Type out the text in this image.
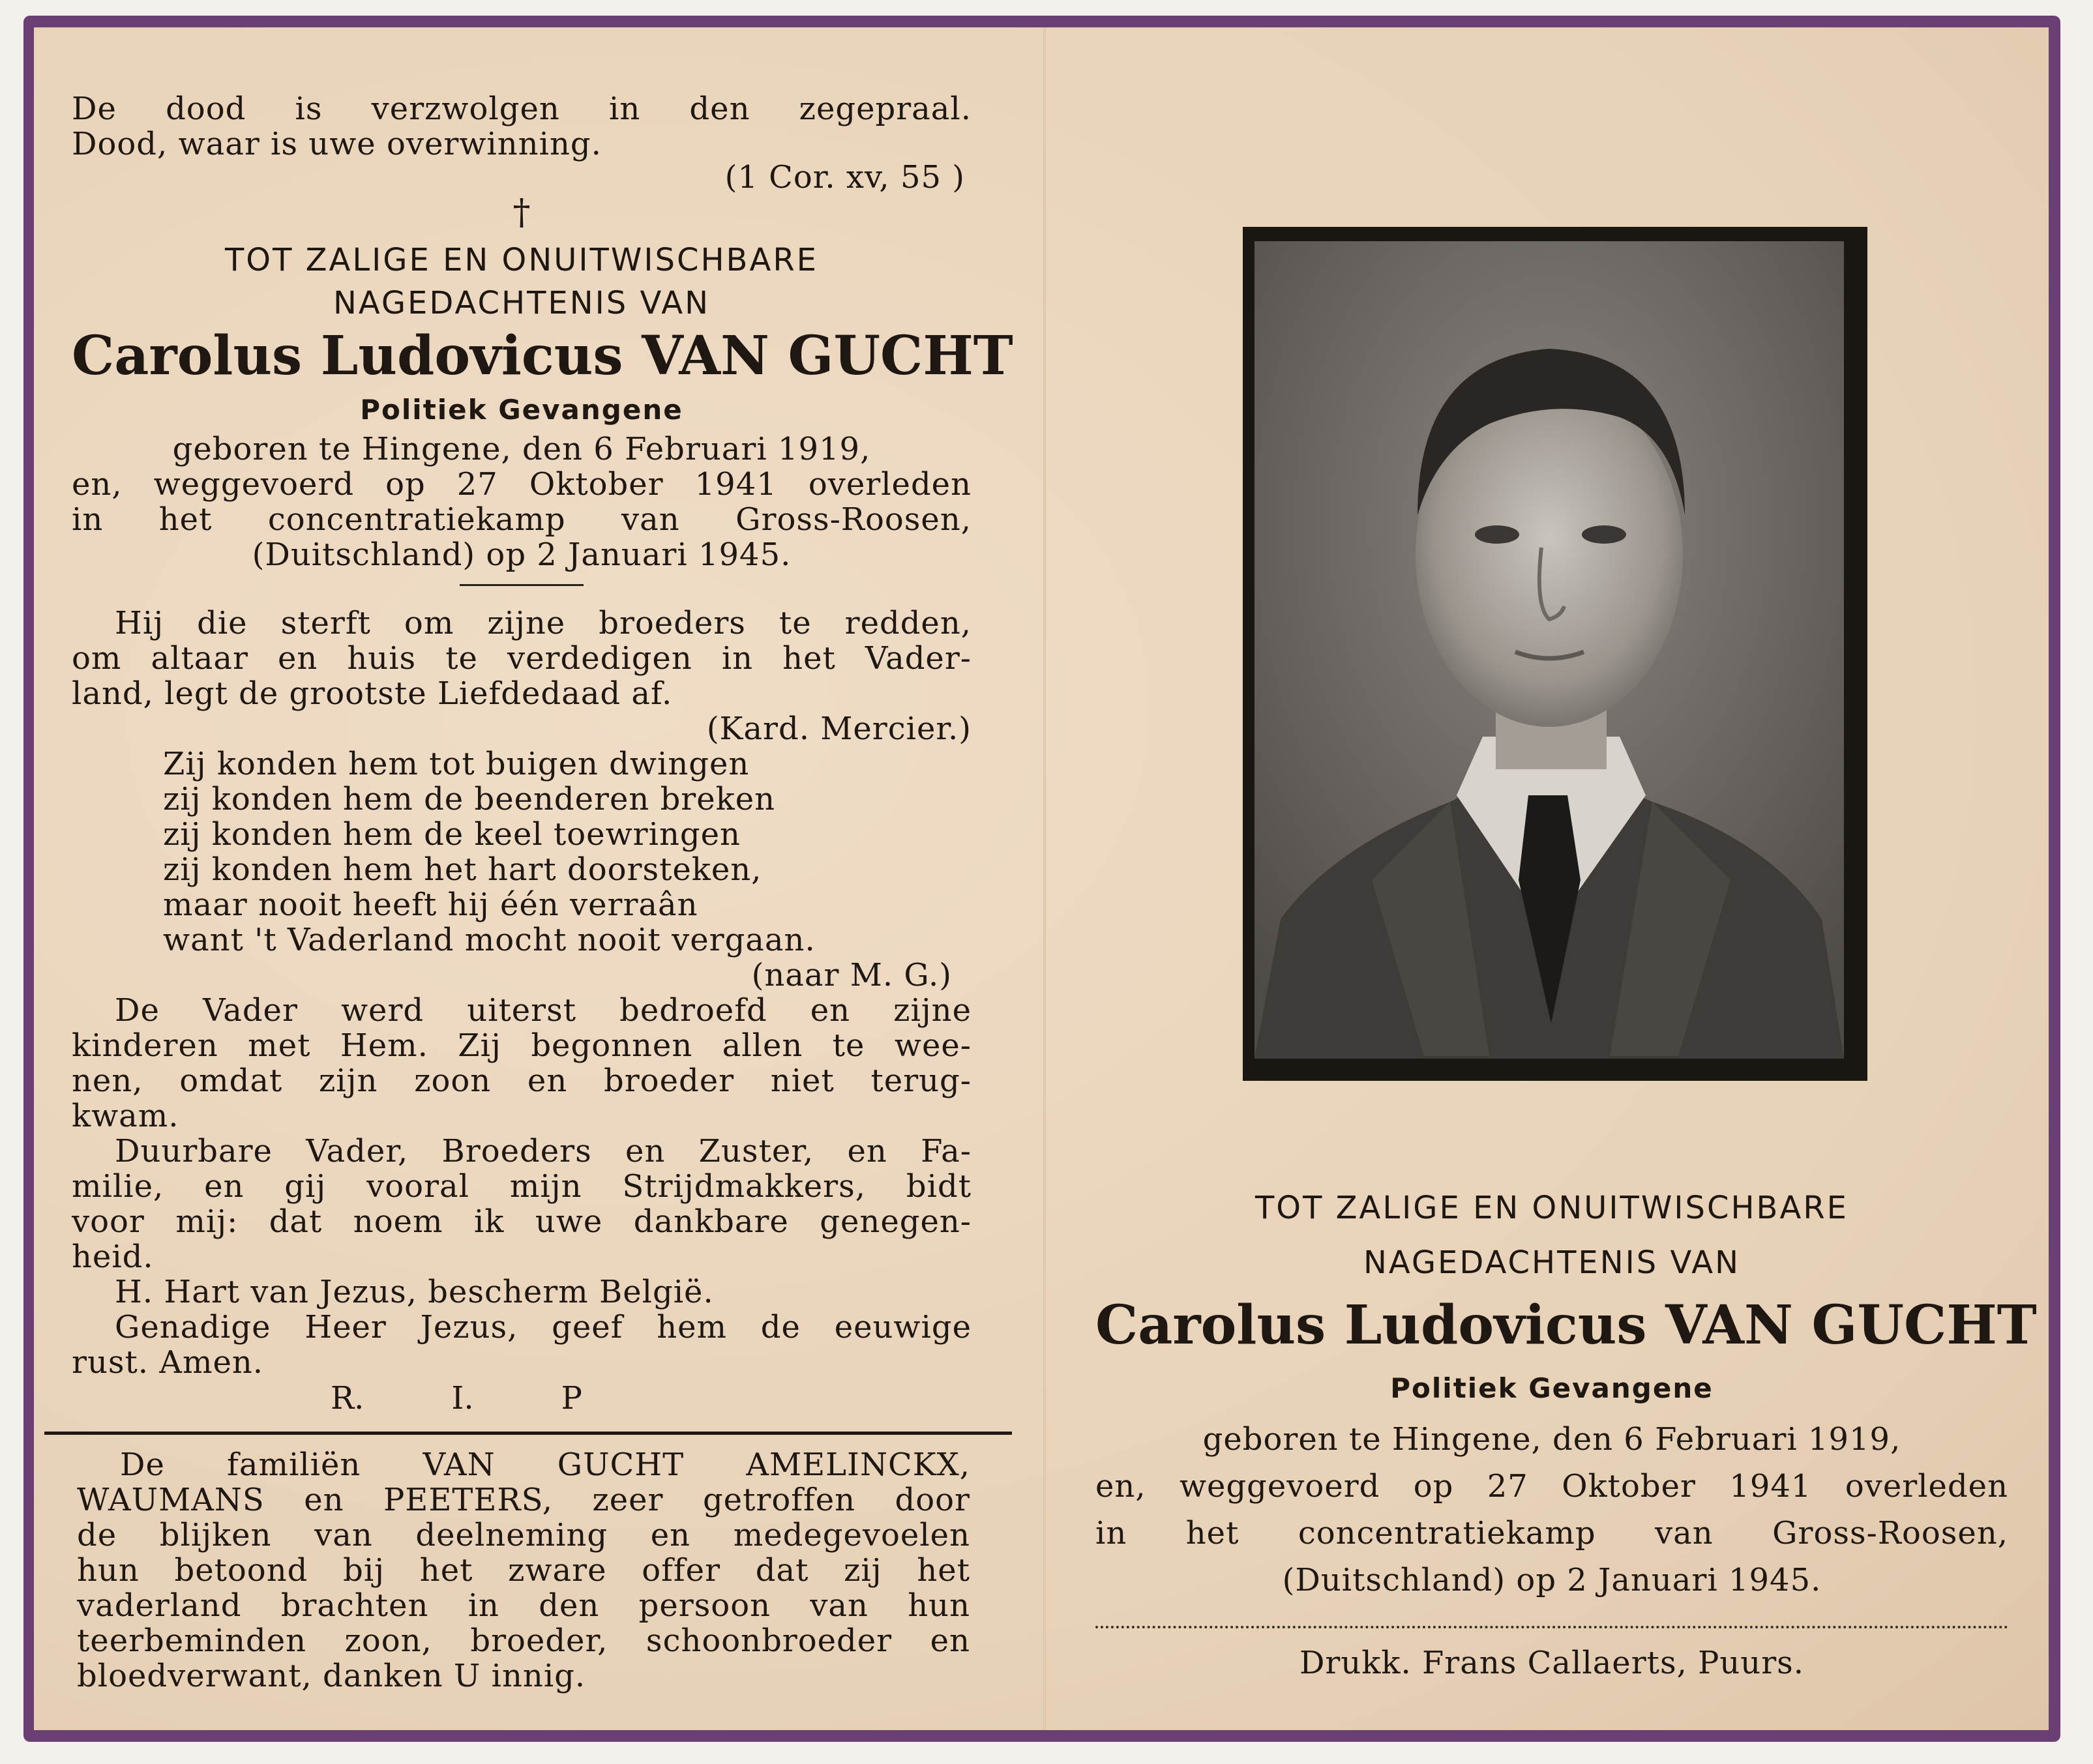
De dood is verzwolgen in den zegepraal.
Dood, waar is uwe overwinning.
(1 Cor. xv, 55 )
†
TOT ZALIGE EN ONUITWISCHBARE
NAGEDACHTENIS VAN
Carolus Ludovicus VAN GUCHT
Politiek Gevangene
geboren te Hingene, den 6 Februari 1919,
en, weggevoerd op 27 Oktober 1941 overleden
in het concentratiekamp van Gross-Roosen,
(Duitschland) op 2 Januari 1945.
Hij die sterft om zijne broeders te redden,
om altaar en huis te verdedigen in het Vader-
land, legt de grootste Liefdedaad af.
(Kard. Mercier.)
Zij konden hem tot buigen dwingen
zij konden hem de beenderen breken
zij konden hem de keel toewringen
zij konden hem het hart doorsteken,
maar nooit heeft hij één verraân
want 't Vaderland mocht nooit vergaan.
(naar M. G.)
De Vader werd uiterst bedroefd en zijne
kinderen met Hem. Zij begonnen allen te wee-
nen, omdat zijn zoon en broeder niet terug-
kwam.
Duurbare Vader, Broeders en Zuster, en Fa-
milie, en gij vooral mijn Strijdmakkers, bidt
voor mij: dat noem ik uwe dankbare genegen-
heid.
H. Hart van Jezus, bescherm België.
Genadige Heer Jezus, geef hem de eeuwige
rust. Amen.
R.	I.	P
De familiën VAN GUCHT AMELINCKX,
WAUMANS en PEETERS, zeer getroffen door
de blijken van deelneming en medegevoelen
hun betoond bij het zware offer dat zij het
vaderland brachten in den persoon van hun
teerbeminden zoon, broeder, schoonbroeder en
bloedverwant, danken U innig.
TOT ZALIGE EN ONUITWISCHBARE
NAGEDACHTENIS VAN
Carolus Ludovicus VAN GUCHT
Politiek Gevangene
geboren te Hingene, den 6 Februari 1919,
en, weggevoerd op 27 Oktober 1941 overleden
in het concentratiekamp van Gross-Roosen,
(Duitschland) op 2 Januari 1945.
Drukk. Frans Callaerts, Puurs.
